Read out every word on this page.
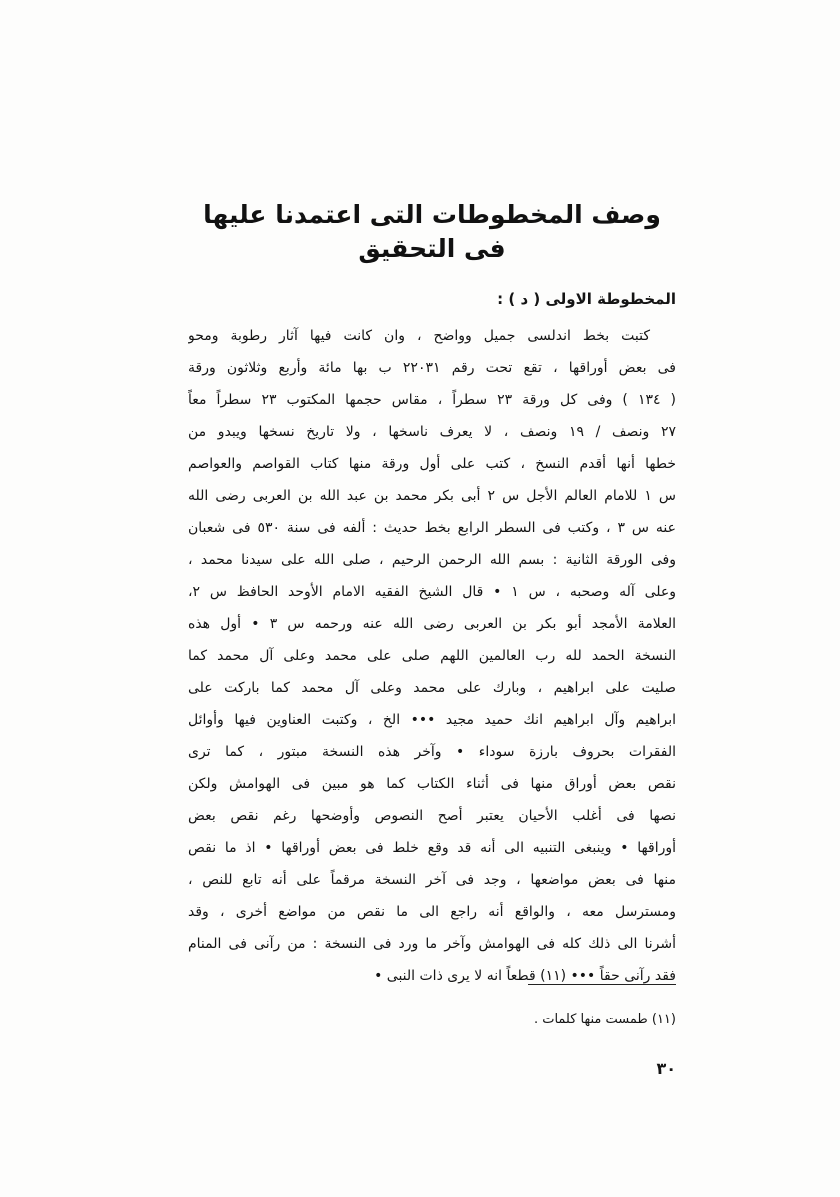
وصف المخطوطات التى اعتمدنا عليها فى التحقيق
المخطوطة الاولى ( د ) :
كتبت بخط اندلسى جميل وواضح ، وان كانت فيها آثار رطوبة ومحو
فى بعض أوراقها ، تقع تحت رقم ٢٢٠٣١ ب بها مائة وأربع وثلاثون ورقة
( ١٣٤ ) وفى كل ورقة ٢٣ سطراً ، مقاس حجمها المكتوب ٢٣ سطراً معاً
٢٧ ونصف / ١٩ ونصف ، لا يعرف ناسخها ، ولا تاريخ نسخها ويبدو من
خطها أنها أقدم النسخ ، كتب على أول ورقة منها كتاب القواصم والعواصم
س ١ للامام العالم الأجل س ٢ أبى بكر محمد بن عبد الله بن العربى رضى الله
عنه س ٣ ، وكتب فى السطر الرابع بخط حديث : ألفه فى سنة ٥٣٠ فى شعبان
وفى الورقة الثانية : بسم الله الرحمن الرحيم ، صلى الله على سيدنا محمد ،
وعلى آله وصحبه ، س ١ • قال الشيخ الفقيه الامام الأوحد الحافظ س ٢،
العلامة الأمجد أبو بكر بن العربى رضى الله عنه ورحمه س ٣ • أول هذه
النسخة الحمد لله رب العالمين اللهم صلى على محمد وعلى آل محمد كما
صليت على ابراهيم ، وبارك على محمد وعلى آل محمد كما باركت على
ابراهيم وآل ابراهيم انك حميد مجيد ••• الخ ، وكتبت العناوين فيها وأوائل
الفقرات بحروف بارزة سوداء • وآخر هذه النسخة مبتور ، كما ترى
نقص بعض أوراق منها فى أثناء الكتاب كما هو مبين فى الهوامش ولكن
نصها فى أغلب الأحيان يعتبر أصح النصوص وأوضحها رغم نقص بعض
أوراقها • وينبغى التنبيه الى أنه قد وقع خلط فى بعض أوراقها • اذ ما نقص
منها فى بعض مواضعها ، وجد فى آخر النسخة مرقماً على أنه تابع للنص ،
ومسترسل معه ، والواقع أنه راجع الى ما نقص من مواضع أخرى ، وقد
أشرنا الى ذلك كله فى الهوامش وآخر ما ورد فى النسخة : من رآنى فى المنام
فقد رآنى حقاً ••• (١١) قطعاً انه لا يرى ذات النبى •
(١١) طمست منها كلمات .
٣٠
